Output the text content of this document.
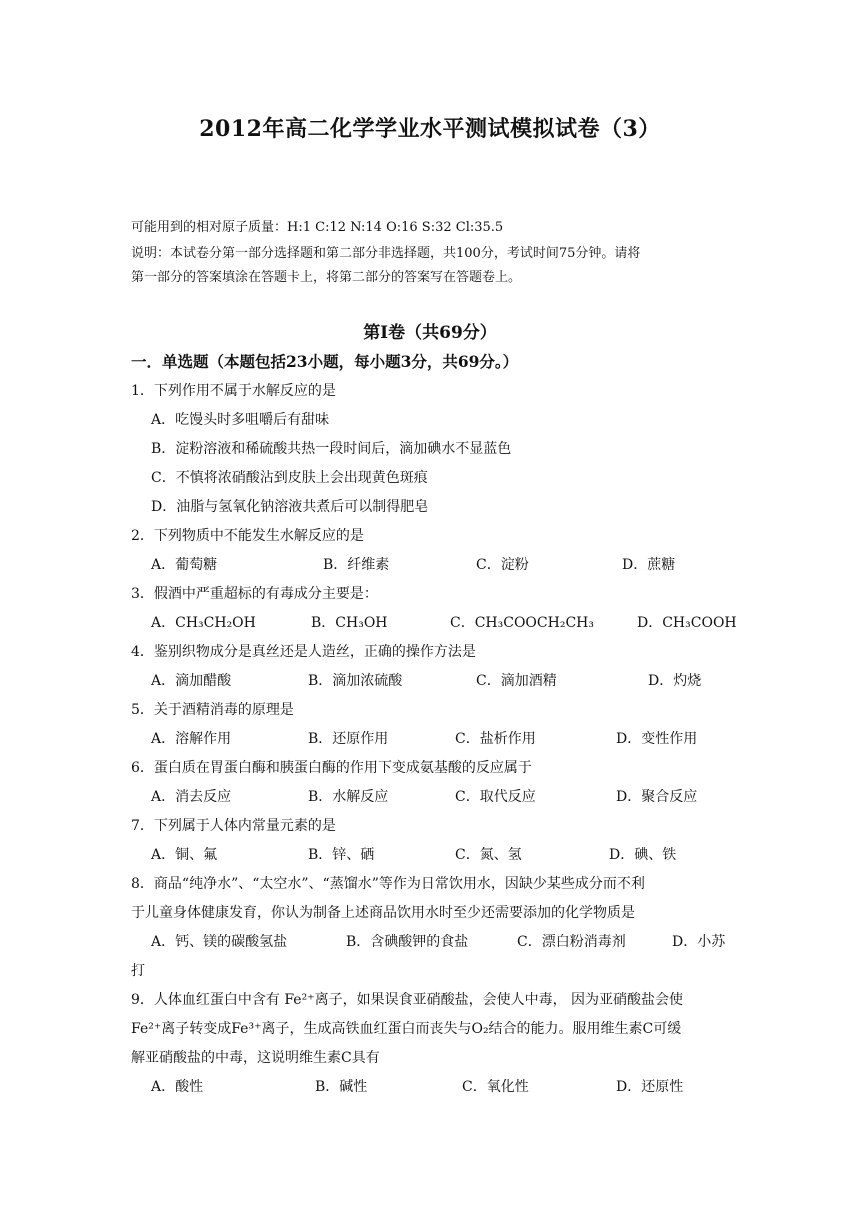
2012年高二化学学业水平测试模拟试卷（3）
可能用到的相对原子质量：H:1 C:12 N:14 O:16 S:32 Cl:35.5
说明：本试卷分第一部分选择题和第二部分非选择题，共100分，考试时间75分钟。请将
第一部分的答案填涂在答题卡上，将第二部分的答案写在答题卷上。
第Ⅰ卷（共69分）
一．单选题（本题包括23小题，每小题3分，共69分。）
1．下列作用不属于水解反应的是
A．吃馒头时多咀嚼后有甜味
B．淀粉溶液和稀硫酸共热一段时间后，滴加碘水不显蓝色
C．不慎将浓硝酸沾到皮肤上会出现黄色斑痕
D．油脂与氢氧化钠溶液共煮后可以制得肥皂
2．下列物质中不能发生水解反应的是
A．葡萄糖	B．纤维素	C．淀粉	D．蔗糖
3．假酒中严重超标的有毒成分主要是：
A．CH₃CH₂OH	B．CH₃OH	C．CH₃COOCH₂CH₃	D．CH₃COOH
4．鉴别织物成分是真丝还是人造丝，正确的操作方法是
A．滴加醋酸	B．滴加浓硫酸	C．滴加酒精	D．灼烧
5．关于酒精消毒的原理是
A．溶解作用	B．还原作用	C．盐析作用	D．变性作用
6．蛋白质在胃蛋白酶和胰蛋白酶的作用下变成氨基酸的反应属于
A．消去反应	B．水解反应	C．取代反应	D．聚合反应
7．下列属于人体内常量元素的是
A．铜、氟	B．锌、硒	C．氮、氢	D．碘、铁
8．商品“纯净水”、“太空水”、“蒸馏水”等作为日常饮用水，因缺少某些成分而不利
于儿童身体健康发育，你认为制备上述商品饮用水时至少还需要添加的化学物质是
A．钙、镁的碳酸氢盐	B．含碘酸钾的食盐	C．漂白粉消毒剂	D．小苏
打
9．人体血红蛋白中含有 Fe²⁺离子，如果误食亚硝酸盐，会使人中毒， 因为亚硝酸盐会使
Fe²⁺离子转变成Fe³⁺离子，生成高铁血红蛋白而丧失与O₂结合的能力。服用维生素C可缓
解亚硝酸盐的中毒，这说明维生素C具有
A．酸性	B．碱性	C．氧化性	D．还原性
